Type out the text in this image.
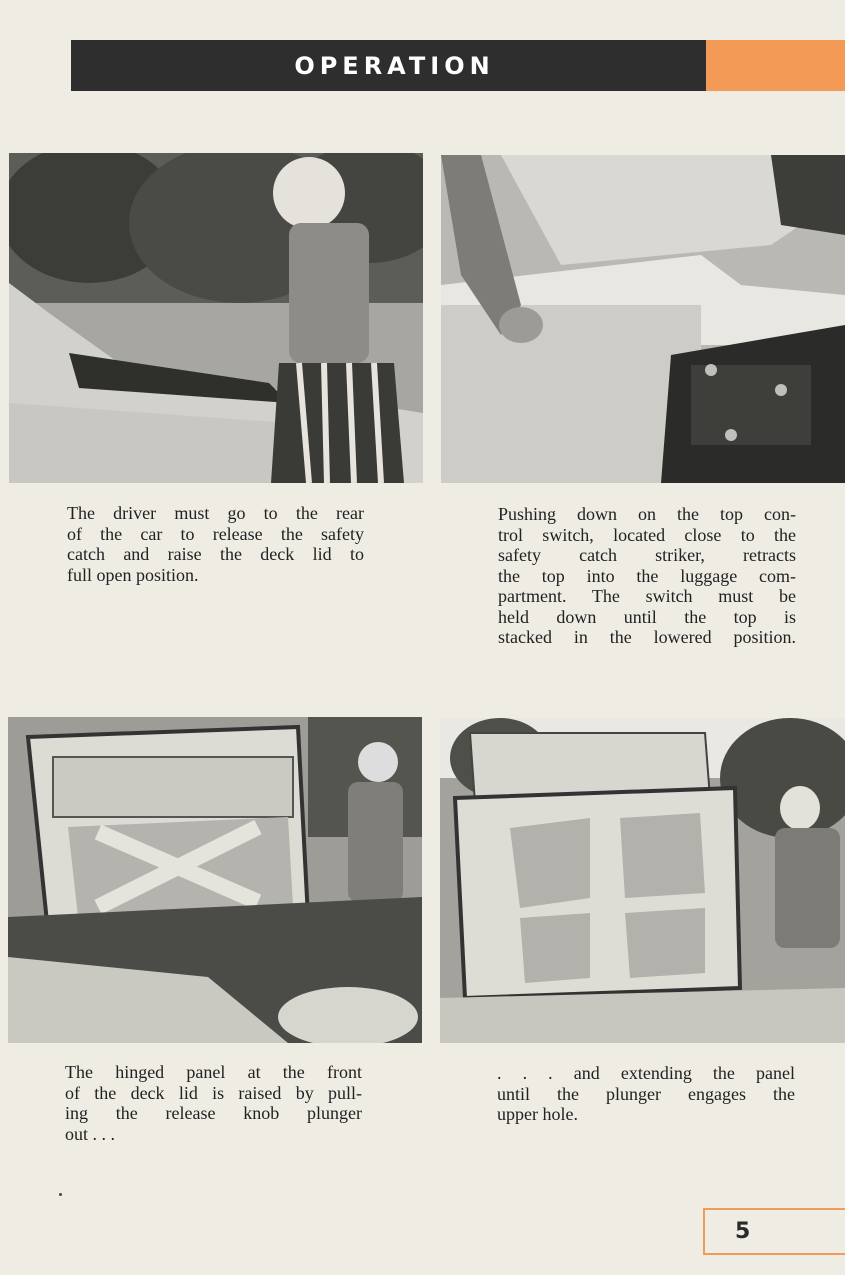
OPERATION
The driver must go to the rear
of the car to release the safety
catch and raise the deck lid to
full open position.
Pushing down on the top con-
trol switch, located close to the
safety catch striker, retracts
the top into the luggage com-
partment. The switch must be
held down until the top is
stacked in the lowered position.
The hinged panel at the front
of the deck lid is raised by pull-
ing the release knob plunger
out . . .
. . . and extending the panel
until the plunger engages the
upper hole.
5
